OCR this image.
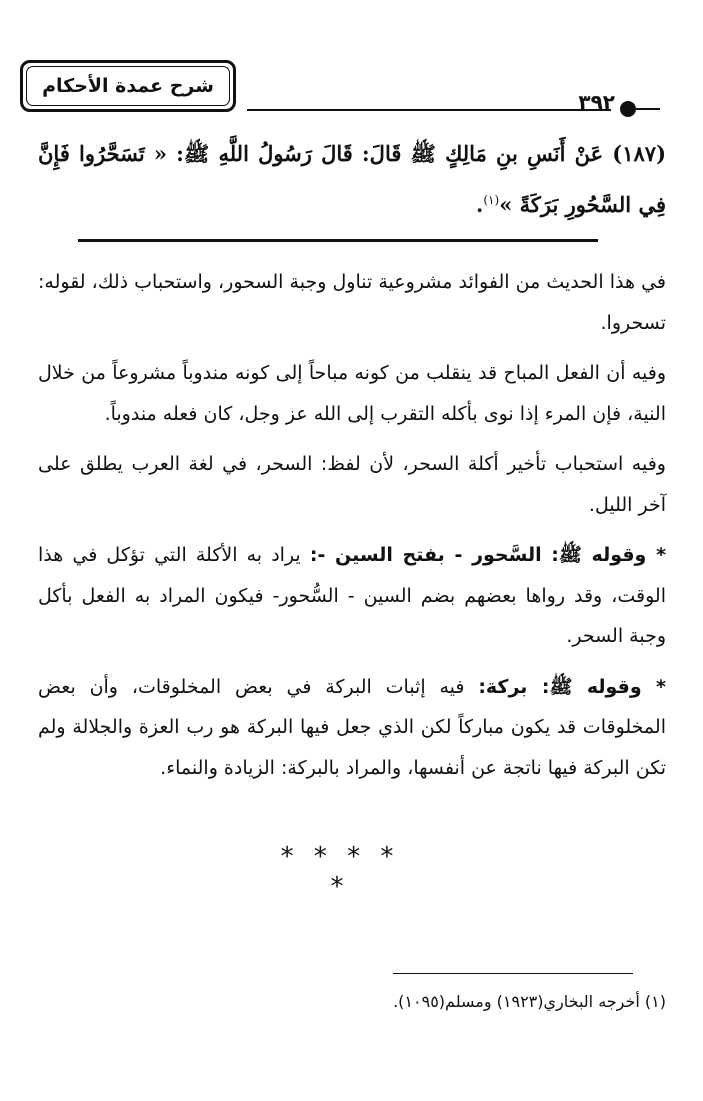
شرح عمدة الأحكام
٣٩٢

(١٨٧) عَنْ أَنَسِ بنِ مَالِكٍ ﷺ قَالَ: قَالَ رَسُولُ اللَّهِ ﷺ: « تَسَحَّرُوا فَإِنَّ فِي السَّحُورِ بَرَكَةً »$^{(١)}$.

في هذا الحديث من الفوائد مشروعية تناول وجبة السحور، واستحباب ذلك، لقوله: تسحروا.

وفيه أن الفعل المباح قد ينقلب من كونه مباحاً إلى كونه مندوباً مشروعاً من خلال النية، فإن المرء إذا نوى بأكله التقرب إلى الله عز وجل، كان فعله مندوباً.

وفيه استحباب تأخير أكلة السحر، لأن لفظ: السحر، في لغة العرب يطلق على آخر الليل.

* وقوله ﷺ: السَّحور - بفتح السين -: يراد به الأكلة التي تؤكل في هذا الوقت، وقد رواها بعضهم بضم السين - السُّحور- فيكون المراد به الفعل بأكل وجبة السحر.

* وقوله ﷺ: بركة: فيه إثبات البركة في بعض المخلوقات، وأن بعض المخلوقات قد يكون مباركاً لكن الذي جعل فيها البركة هو رب العزة والجلالة ولم تكن البركة فيها ناتجة عن أنفسها، والمراد بالبركة: الزيادة والنماء.

* * * * *
(١) أخرجه البخاري(١٩٢٣) ومسلم(١٠٩٥).
